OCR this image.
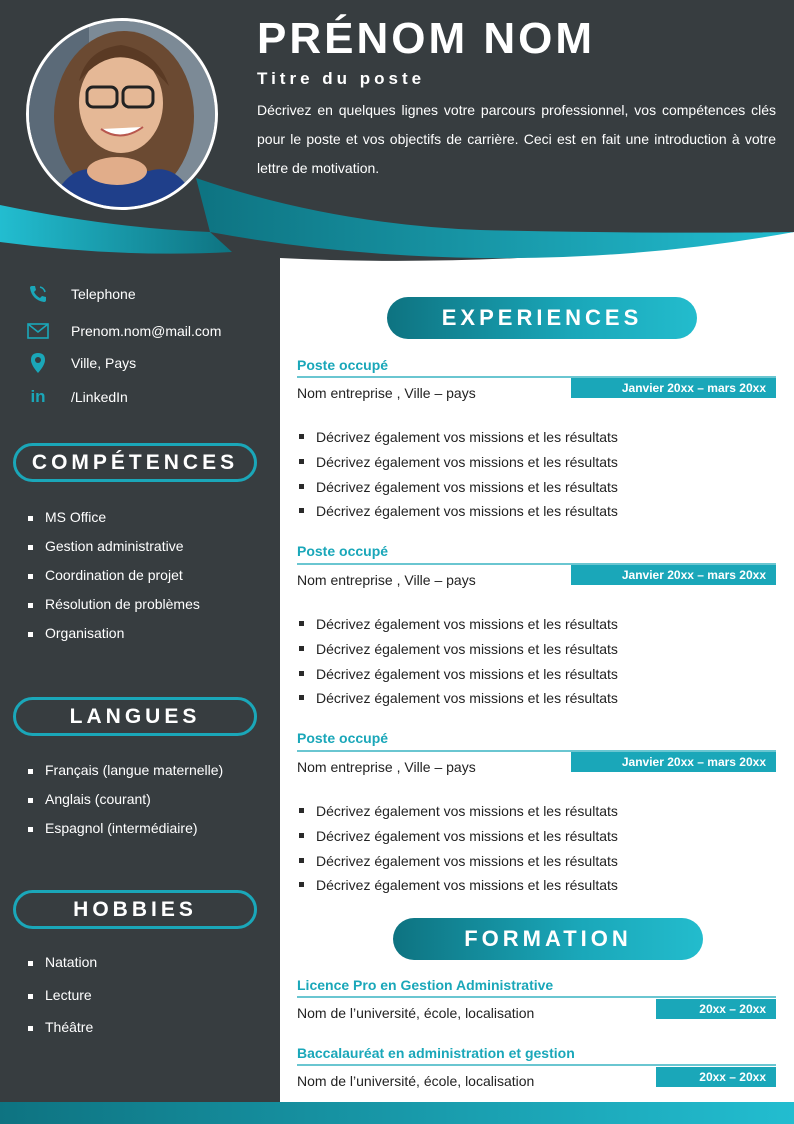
PRÉNOM NOM
Titre du poste
Décrivez en quelques lignes votre parcours professionnel, vos compétences clés pour le poste et vos objectifs de carrière. Ceci est en fait une introduction à votre lettre de motivation.
Telephone
Prenom.nom@mail.com
Ville, Pays
in	/LinkedIn
COMPÉTENCES
MS Office
Gestion administrative
Coordination de projet
Résolution de problèmes
Organisation
LANGUES
Français (langue maternelle)
Anglais (courant)
Espagnol (intermédiaire)
HOBBIES
Natation
Lecture
Théâtre
EXPERIENCES
Poste occupé
Janvier 20xx – mars 20xx
Nom entreprise , Ville – pays
Décrivez également vos missions et les résultats
Décrivez également vos missions et les résultats
Décrivez également vos missions et les résultats
Décrivez également vos missions et les résultats
Poste occupé
Janvier 20xx – mars 20xx
Nom entreprise , Ville – pays
Décrivez également vos missions et les résultats
Décrivez également vos missions et les résultats
Décrivez également vos missions et les résultats
Décrivez également vos missions et les résultats
Poste occupé
Janvier 20xx – mars 20xx
Nom entreprise , Ville – pays
Décrivez également vos missions et les résultats
Décrivez également vos missions et les résultats
Décrivez également vos missions et les résultats
Décrivez également vos missions et les résultats
FORMATION
Licence Pro en Gestion Administrative
20xx – 20xx
Nom de l’université, école, localisation
Baccalauréat en administration et gestion
20xx – 20xx
Nom de l’université, école, localisation
